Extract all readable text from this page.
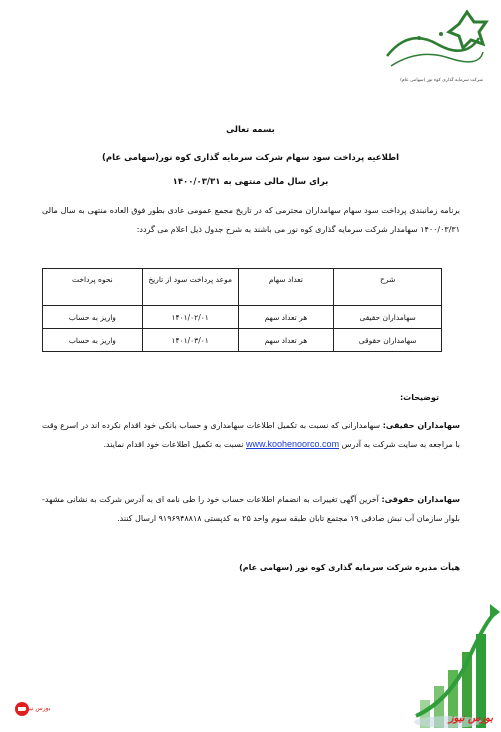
شرکت سرمایه گذاری کوه نور (سهامی عام)
بسمه تعالی
اطلاعیه پرداخت سود سهام شرکت سرمایه گذاری کوه نور(سهامی عام)
برای سال مالی منتهی به ۱۴۰۰/۰۳/۳۱
برنامه زمانبندی پرداخت سود سهام سهامداران محترمی که در تاریخ مجمع عمومی عادی بطور فوق العاده منتهی به سال مالی ۱۴۰۰/۰۳/۳۱ سهامدار شرکت سرمایه گذاری کوه نور می باشند به شرح جدول ذیل اعلام می گردد:
شرح	تعداد سهام	موعد پرداخت سود از تاریخ	نحوه پرداخت
سهامداران حقیقی	هر تعداد سهم	۱۴۰۱/۰۲/۰۱	واریز به حساب
سهامداران حقوقی	هر تعداد سهم	۱۴۰۱/۰۳/۰۱	واریز به حساب
توضیحات:
سهامداران حقیقی: سهامدارانی که نسبت به تکمیل اطلاعات سهامداری و حساب بانکی خود اقدام نکرده اند در اسرع وقت با مراجعه به سایت شرکت به آدرس www.koohenoorco.com نسبت به تکمیل اطلاعات خود اقدام نمایند.
سهامداران حقوقی: آخرین آگهی تغییرات به انضمام اطلاعات حساب خود را طی نامه ای به آدرس شرکت به نشانی مشهد- بلوار سازمان آب نبش صادقی ۱۹ مجتمع تابان طبقه سوم واحد ۲۵ به کدپستی ۹۱۹۶۹۴۸۸۱۸ ارسال کنند.
هیأت مدیره شرکت سرمایه گذاری کوه نور (سهامی عام)
بورس نیوز
بورس نیوز
